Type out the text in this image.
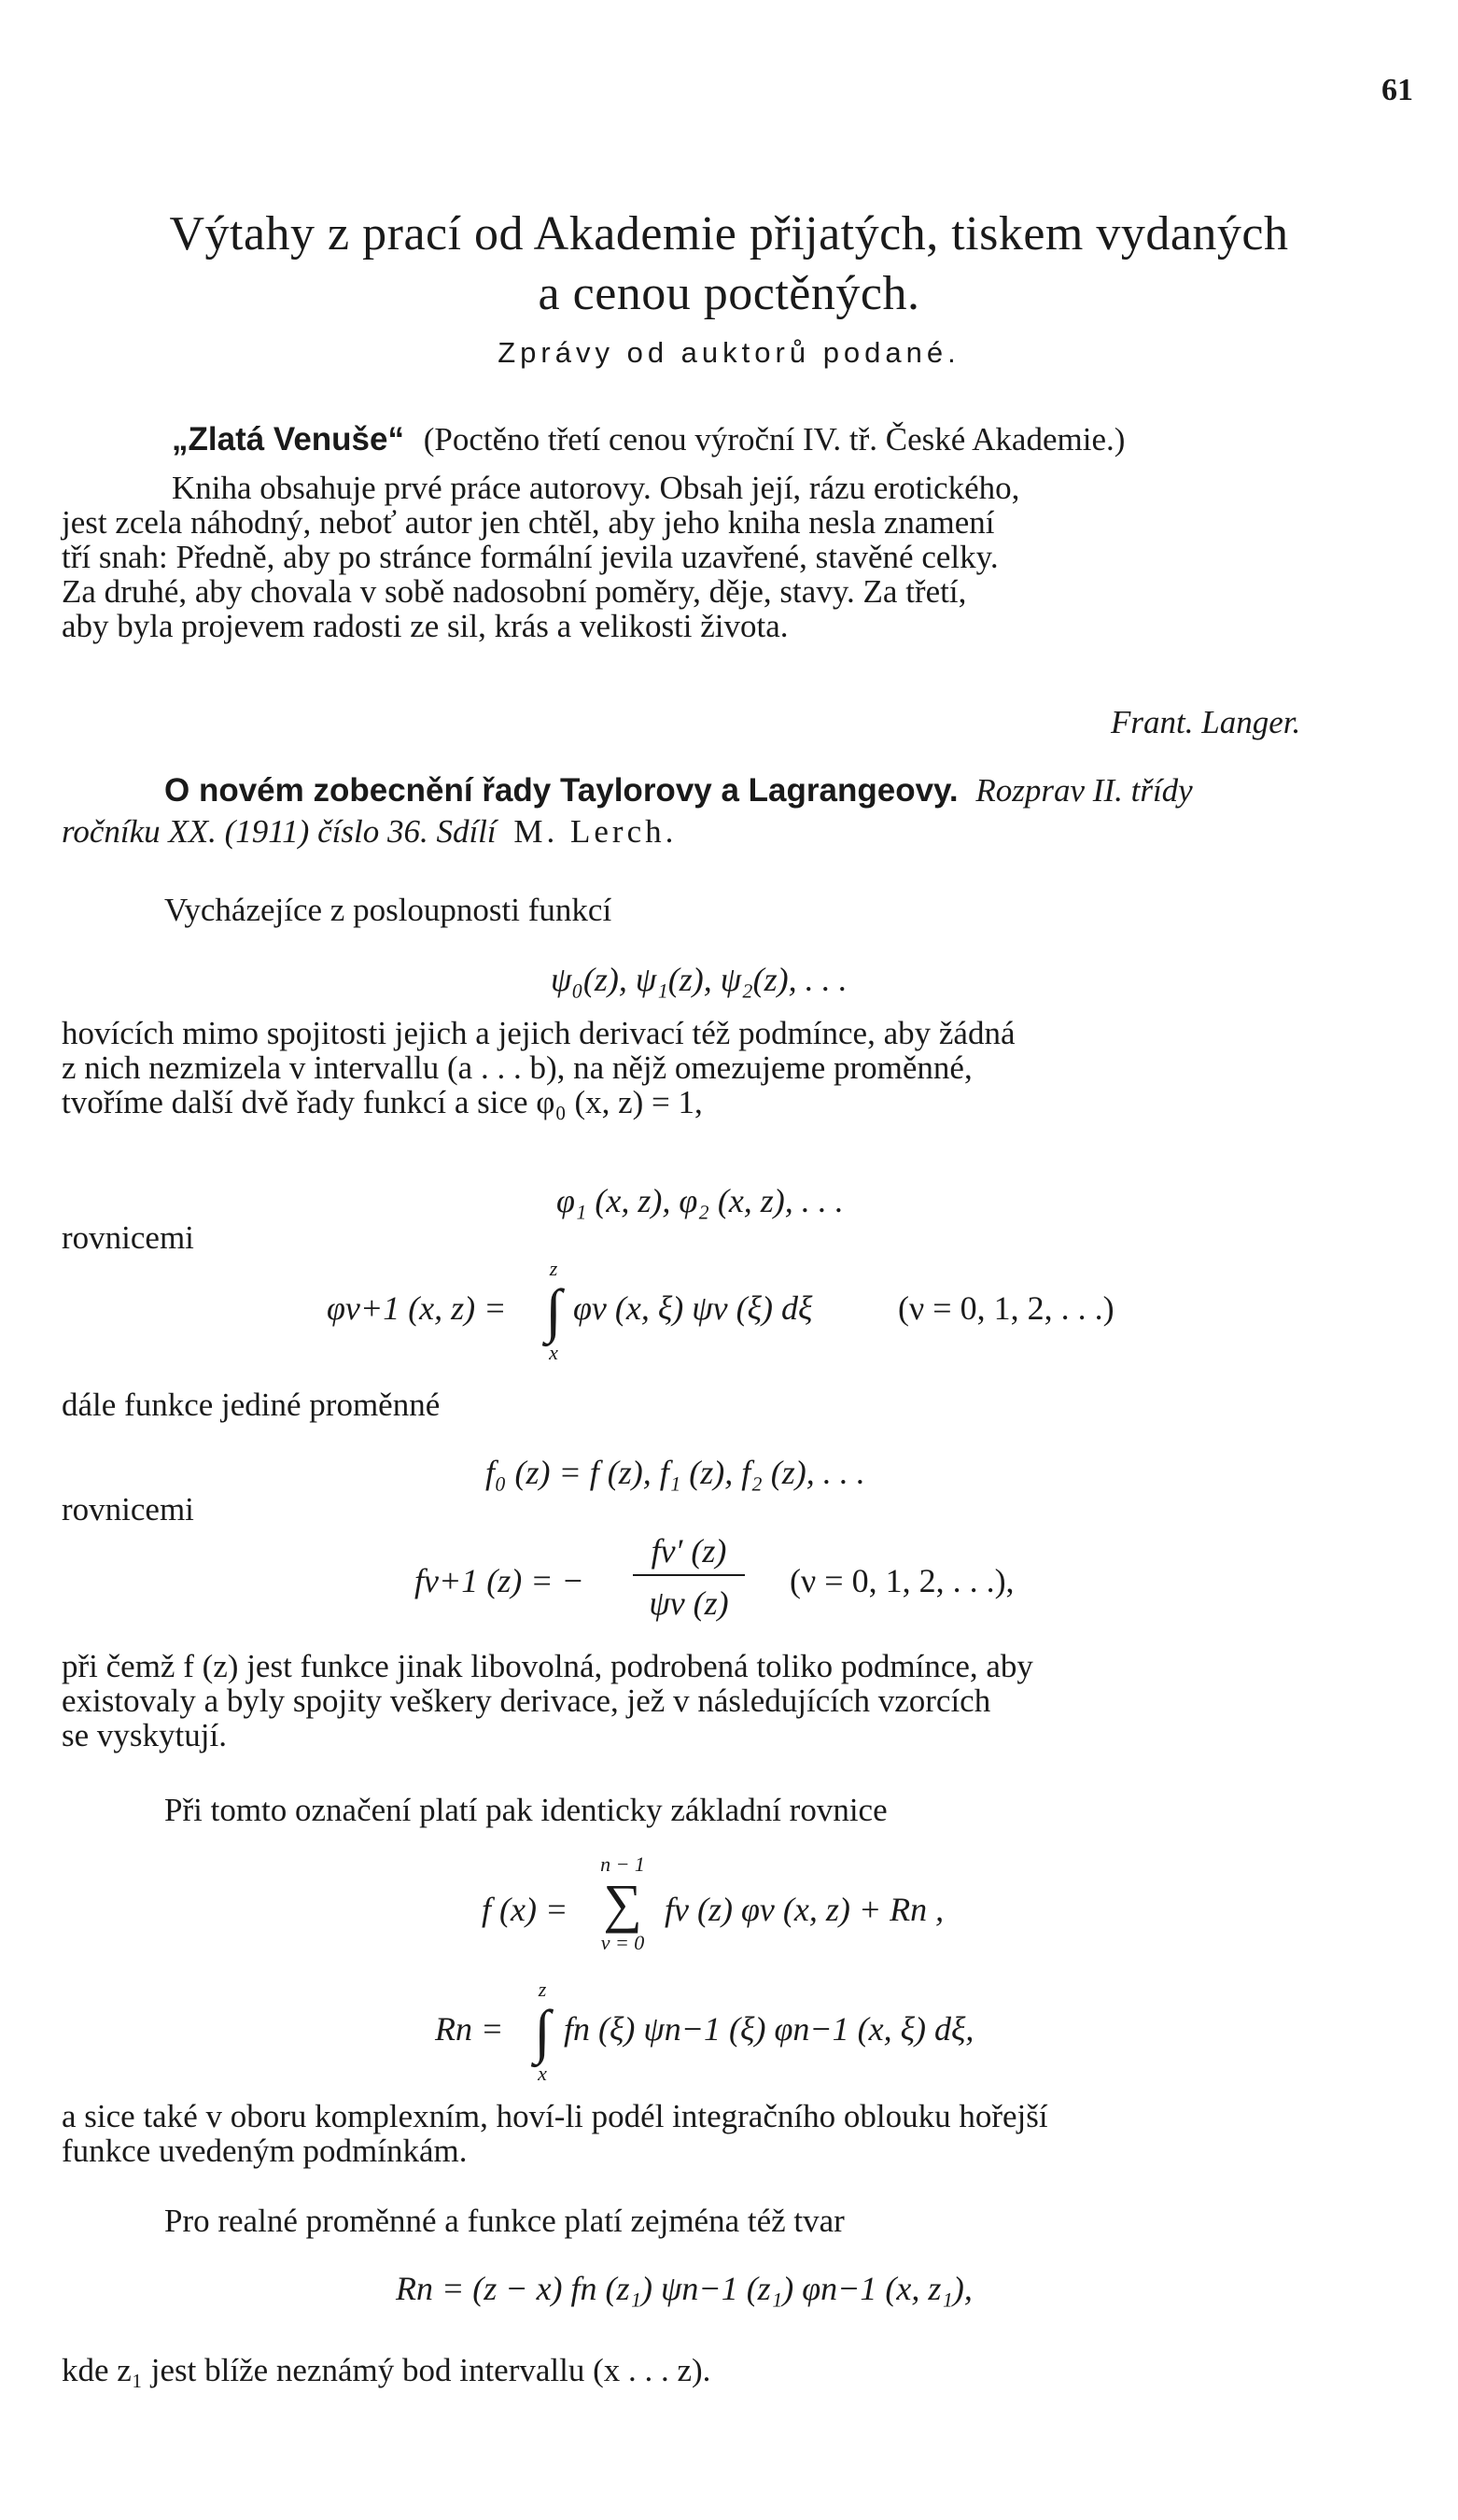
61
Výtahy z prací od Akademie přijatých, tiskem vydaných
a cenou poctěných.
Zprávy od auktorů podané.
„Zlatá Venuše“ (Poctěno třetí cenou výroční IV. tř. České Akademie.)
Kniha obsahuje prvé práce autorovy. Obsah její, rázu erotického,
jest zcela náhodný, neboť autor jen chtěl, aby jeho kniha nesla znamení
tří snah: Předně, aby po stránce formální jevila uzavřené, stavěné celky.
Za druhé, aby chovala v sobě nadosobní poměry, děje, stavy. Za třetí,
aby byla projevem radosti ze sil, krás a velikosti života.
Frant. Langer.
O novém zobecnění řady Taylorovy a Lagrangeovy. Rozprav II. třídy
ročníku XX. (1911) číslo 36. Sdílí M. Lerch.
Vycházejíce z posloupnosti funkcí
ψ₀(z), ψ₁(z), ψ₂(z), . . .
hovících mimo spojitosti jejich a jejich derivací též podmínce, aby žádná
z nich nezmizela v intervallu (a . . . b), na nějž omezujeme proměnné,
tvoříme další dvě řady funkcí a sice φ₀ (x, z) = 1,
φ₁ (x, z), φ₂ (x, z), . . .
rovnicemi
φν+1 (x, z) =
z
∫
x
φν (x, ξ) ψν (ξ) dξ	(ν = 0, 1, 2, . . .)
dále funkce jediné proměnné
f₀ (z) = f (z), f₁ (z), f₂ (z), . . .
rovnicemi
fν+1 (z) = −
fν′ (z)
ψν (z)
(ν = 0, 1, 2, . . .),
při čemž f (z) jest funkce jinak libovolná, podrobená toliko podmínce, aby
existovaly a byly spojity veškery derivace, jež v následujících vzorcích
se vyskytují.
Při tomto označení platí pak identicky základní rovnice
f (x) =
n − 1
∑
ν = 0
fν (z) φν (x, z) + Rn ,
Rn =
z
∫
x
fn (ξ) ψn−1 (ξ) φn−1 (x, ξ) dξ,
a sice také v oboru komplexním, hoví-li podél integračního oblouku hořejší
funkce uvedeným podmínkám.
Pro realné proměnné a funkce platí zejména též tvar
Rn = (z − x) fn (z₁) ψn−1 (z₁) φn−1 (x, z₁),
kde z₁ jest blíže neznámý bod intervallu (x . . . z).
